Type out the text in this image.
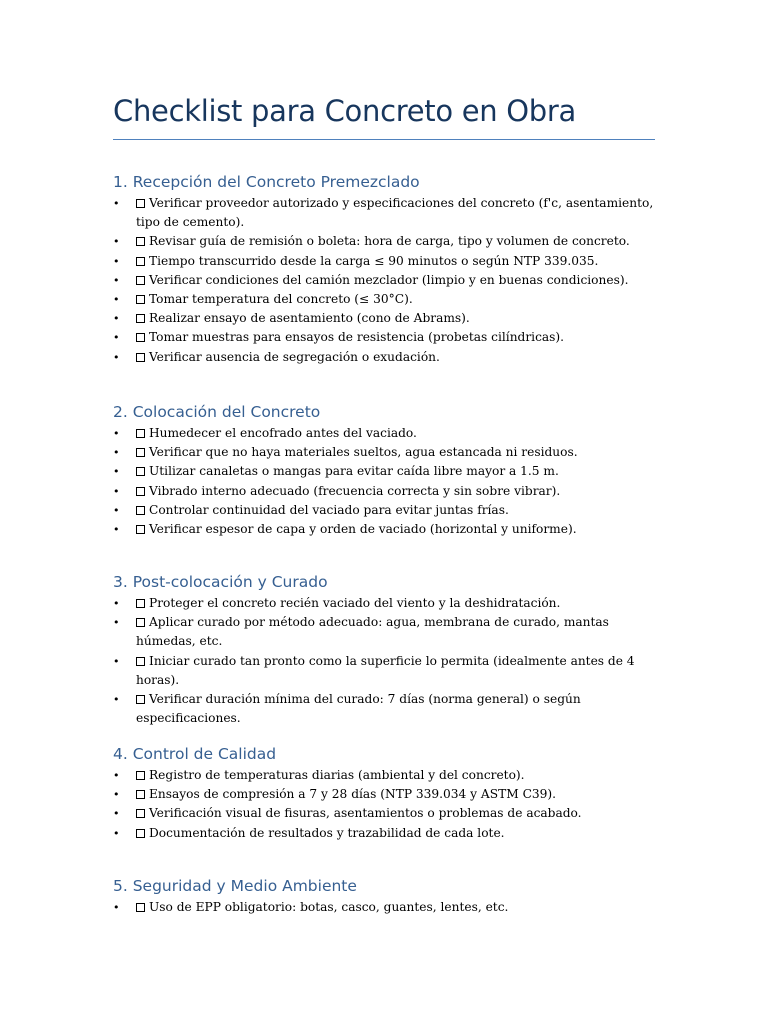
Checklist para Concreto en Obra
1. Recepción del Concreto Premezclado
• Verificar proveedor autorizado y especificaciones del concreto (f'c, asentamiento, tipo de cemento).
• Revisar guía de remisión o boleta: hora de carga, tipo y volumen de concreto.
• Tiempo transcurrido desde la carga ≤ 90 minutos o según NTP 339.035.
• Verificar condiciones del camión mezclador (limpio y en buenas condiciones).
• Tomar temperatura del concreto (≤ 30°C).
• Realizar ensayo de asentamiento (cono de Abrams).
• Tomar muestras para ensayos de resistencia (probetas cilíndricas).
• Verificar ausencia de segregación o exudación.
2. Colocación del Concreto
• Humedecer el encofrado antes del vaciado.
• Verificar que no haya materiales sueltos, agua estancada ni residuos.
• Utilizar canaletas o mangas para evitar caída libre mayor a 1.5 m.
• Vibrado interno adecuado (frecuencia correcta y sin sobre vibrar).
• Controlar continuidad del vaciado para evitar juntas frías.
• Verificar espesor de capa y orden de vaciado (horizontal y uniforme).
3. Post-colocación y Curado
• Proteger el concreto recién vaciado del viento y la deshidratación.
• Aplicar curado por método adecuado: agua, membrana de curado, mantas húmedas, etc.
• Iniciar curado tan pronto como la superficie lo permita (idealmente antes de 4 horas).
• Verificar duración mínima del curado: 7 días (norma general) o según especificaciones.
4. Control de Calidad
• Registro de temperaturas diarias (ambiental y del concreto).
• Ensayos de compresión a 7 y 28 días (NTP 339.034 y ASTM C39).
• Verificación visual de fisuras, asentamientos o problemas de acabado.
• Documentación de resultados y trazabilidad de cada lote.
5. Seguridad y Medio Ambiente
• Uso de EPP obligatorio: botas, casco, guantes, lentes, etc.
